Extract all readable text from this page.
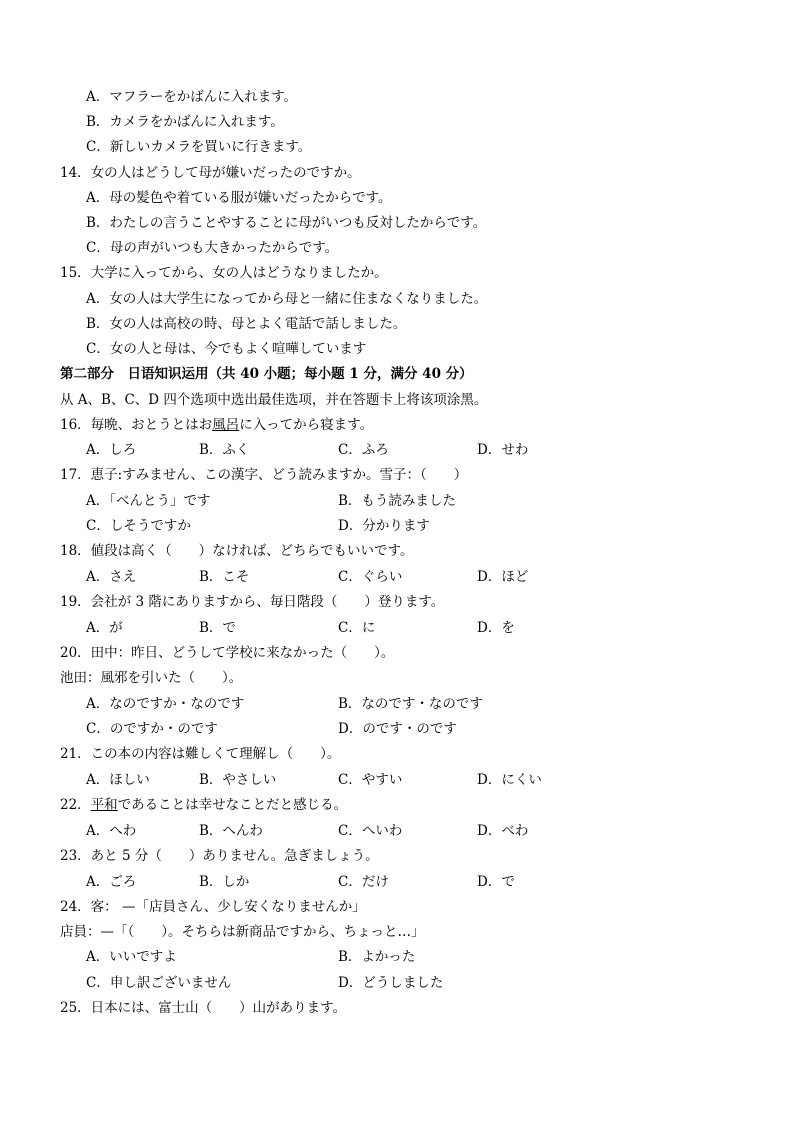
A．マフラーをかばんに入れます。
B．カメラをかばんに入れます。
C．新しいカメラを買いに行きます。
14．女の人はどうして母が嫌いだったのですか。
A．母の髪色や着ている服が嫌いだったからです。
B．わたしの言うことやすることに母がいつも反対したからです。
C．母の声がいつも大きかったからです。
15．大学に入ってから、女の人はどうなりましたか。
A．女の人は大学生になってから母と一緒に住まなくなりました。
B．女の人は高校の時、母とよく電話で話しました。
C．女の人と母は、今でもよく喧嘩しています
第二部分　日语知识运用（共 40 小题；每小题 1 分，满分 40 分）
从 A、B、C、D 四个选项中选出最佳选项，并在答题卡上将该项涂黑。
16．毎晩、おとうとはお風呂に入ってから寝ます。
A．しろ	B．ふく	C．ふろ	D．せわ
17．恵子:すみません、この漢字、どう読みますか。雪子：（　　）
A．「べんとう」です	B．もう読みました
C．しそうですか	D．分かります
18．値段は高く（　　）なければ、どちらでもいいです。
A．さえ	B．こそ	C．ぐらい	D．ほど
19．会社が 3 階にありますから、毎日階段（　　）登ります。
A．が	B．で	C．に	D．を
20．田中：昨日、どうして学校に来なかった（　　）。
池田：風邪を引いた（　　）。
A．なのですか・なのです	B．なのです・なのです
C．のですか・のです	D．のです・のです
21．この本の内容は難しくて理解し（　　）。
A．ほしい	B．やさしい	C．やすい	D．にくい
22．平和であることは幸せなことだと感じる。
A．へわ	B．へんわ	C．へいわ	D．べわ
23．あと 5 分（　　）ありません。急ぎましょう。
A．ごろ	B．しか	C．だけ	D．で
24．客： —「店員さん、少し安くなりませんか」
店員：—「（　　）。そちらは新商品ですから、ちょっと…」
A．いいですよ	B．よかった
C．申し訳ございません	D．どうしました
25．日本には、富士山（　　）山があります。
